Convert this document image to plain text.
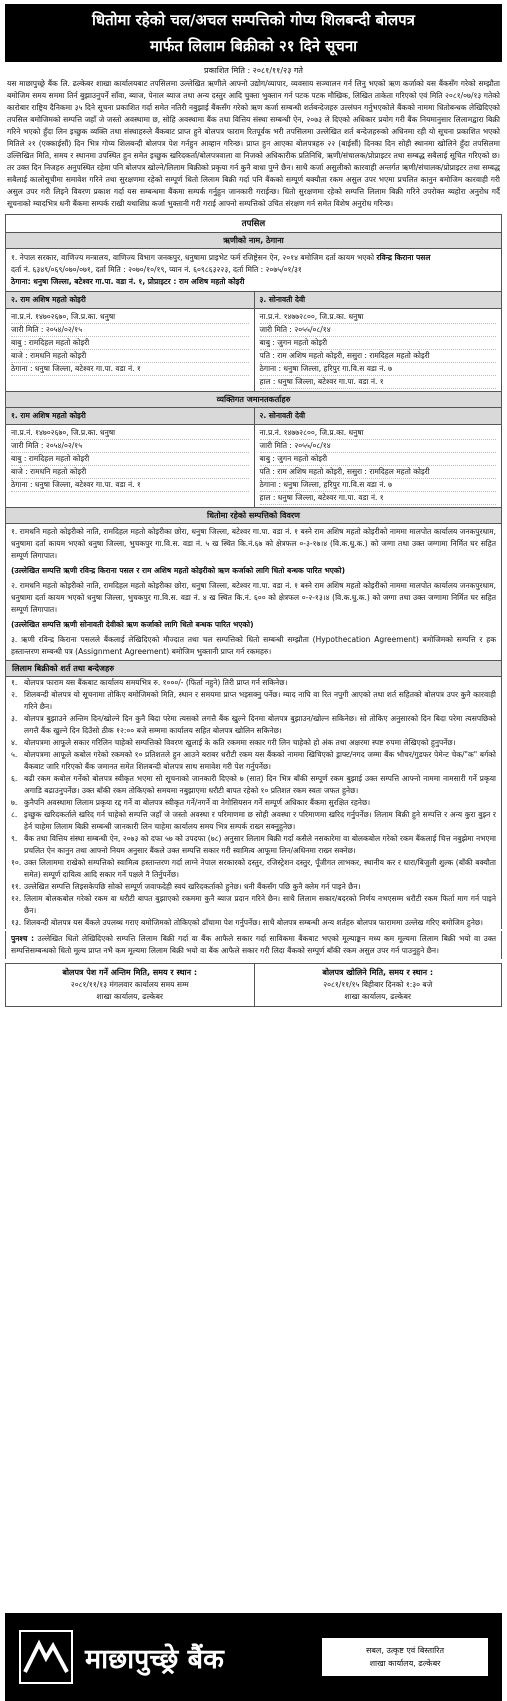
धितोमा रहेको चल/अचल सम्पत्तिको गोप्य शिलबन्दी बोलपत्र
मार्फत लिलाम बिक्रीको २१ दिने सूचना
प्रकाशित मिति : २०८१/११/२३ गते
यस माछापुच्छ्रे बैंक लि. ढल्केबर शाखा कार्यालयबाट तपसिलमा उल्लेखित ऋणीले आफ्नो उद्योग/व्यापार, व्यवसाय सञ्चालन गर्न लिनु भएको ऋण कर्जाको यस बैंकसँग गरेको सम्झौता बमोजिम समय सममा तिर्न बुझाउनुपर्ने साँवा, ब्याज, पेनाल ब्याज तथा अन्य दस्तुर आदि चुक्ता भुक्तान गर्न पटक पटक मौखिक, लिखित ताकेता गरिएको एवं मिति २०८१/०७/१३ गतेको कारोबार राष्ट्रिय दैनिकमा ३५ दिने सूचना प्रकाशित गर्दा समेत नतिरी नबुझाई बैंकसँग गरेको ऋण कर्जा सम्बन्धी शर्तबन्देजहरु उल्लंघन गर्नुभएकोले बैंकको नाममा धितोबन्धक लेखिदिएको तपसिल बमोजिमको सम्पत्ति जहाँ जे जस्तो अवस्थामा छ, सोहि अवस्थामा बैंक तथा वित्तिय संस्था सम्बन्धी ऐन, २०७३ ले दिएको अधिकार प्रयोग गरी बैंक नियमानुसार लिलामद्वारा बिक्री गरिने भएको हुँदा लिन इच्छुक व्यक्ति तथा संस्थाहरुले बैंकबाट प्राप्त हुने बोलपत्र फाराम रितपूर्वक भरी तपसिलमा उल्लेखित शर्त बन्देजहरुको अधिनमा रही यो सूचना प्रकाशित भएको मितिले २१ (एक्काईसौं) दिन भित्र गोप्य शिलबन्दी बोलपत्र पेश गर्नहुन आव्हान गरिन्छ। प्राप्त हुन आएका बोलपत्रहरु २२ (बाईसौं) दिनका दिन सोही स्थानमा खोलिने हुँदा तपसिलमा उल्लिखित मिति, समय र स्थानमा उपस्थित हुन समेत इच्छुक खरिदकर्ता/बोलपत्रवाला वा निजको अधिकारीक प्रतिनिधि, ऋणी/संचालक/प्रोप्राइटर तथा सम्बद्ध सबैलाई सूचित गरिएको छ। तर उक्त दिन निजहरु अनुपस्थित रहेमा पनि बोलपत्र खोल्ने/लिलाम बिक्रीको प्रकृया गर्न कुनै बाधा पुग्ने छैन। साथै कर्जा असुलीको कारवाही अन्तर्गत ऋणी/संचालक/प्रोप्राइटर तथा सम्बद्ध सबैलाई कालोसूचीमा समावेश गरिने तथा सुरक्षणमा रहेको सम्पूर्ण धितो लिलाम बिक्री गर्दा पनि बैंकको सम्पूर्ण बक्यौता रकम असुल उपर भएमा प्रचलित कानुन बमोजिम कारवाही गरी असुल उपर गरी लिइने विवरण प्रकाश गर्दा यस सम्बन्धमा बैंकमा सम्पर्क गर्नुहुन जानकारी गराईन्छ। धितो सुरक्षणमा रहेको सम्पत्ति लिलाम बिक्री गरिने उपरोक्त ब्यहोरा अनुरोध गर्दै सूचनाको म्यादभित्र धनी बैंकमा सम्पर्क राखी यथाशिघ्र कर्जा भुक्तानी गरी गराई आफ्नो सम्पत्तिको उचित संरक्षण गर्न समेत विशेष अनुरोध गरिन्छ।
तपसिल
ऋणीको नाम, ठेगाना
१. नेपाल सरकार, वाणिज्य मन्त्रालय, वाणिज्य विभाग जनकपुर, धनुषामा प्राइभेट फर्म रजिष्ट्रेसन ऐन, २०१४ बमोजिम दर्ता कायम भएको रविन्द्र किराना पसल
दर्ता नं. ६३४९/०६९/०७०/०७१, दर्ता मिति : २०७०/१०/१९, प्यान नं. ६०९८६३२२३, दर्ता मिति : २०७५/०१/३१
ठेगाना: धनुषा जिल्ला, बटेश्वर गा.पा. वडा नं. १, प्रोप्राइटर : राम अशिष महतो कोइरी
२. राम अशिष महतो कोइरी
ना.प्र.नं. १४७०२६७०, जि.प्र.का. धनुषा
जारी मिति : २०५४/०२/१५
बाबु : रामदिहल महतो कोइरी
बाजे : रामधनि महतो कोइरी
ठेगाना : धनुषा जिल्ला, बटेश्वर गा.पा. वडा नं. १
३. सोनावती देवी
ना.प्र.नं. १४७७२८००, जि.प्र.का. धनुषा
जारी मिति : २०५५/०८/१४
बाबु : जुगन महतो कोइरी
पति : राम अशिष महतो कोइरी, ससुरा : रामदिहल महतो कोइरी
ठेगाना : धनुषा जिल्ला, हरिपुर गा.वि.स वडा नं. ७
हाल : धनुषा जिल्ला, बटेश्वर गा.पा. वडा नं. १
व्यक्तिगत जमानतकर्ताहरु
१. राम अशिष महतो कोइरी
ना.प्र.नं. १४७०२६७०, जि.प्र.का. धनुषा
जारी मिति : २०५४/०२/१५
बाबु : रामदिहल महतो कोइरी
बाजे : रामधनि महतो कोइरी
ठेगाना : धनुषा जिल्ला, बटेश्वर गा.पा. वडा नं. १
२. सोनावती देवी
ना.प्र.नं. १४७७२८००, जि.प्र.का. धनुषा
जारी मिति : २०५५/०८/१४
बाबु : जुगन महतो कोइरी
पति : राम अशिष महतो कोइरी, ससुरा : रामदिहल महतो कोइरी
ठेगाना : धनुषा जिल्ला, हरिपुर गा.वि.स वडा नं. ७
हाल : धनुषा जिल्ला, बटेश्वर गा.पा. वडा नं. १
धितोमा रहेको सम्पत्तिको विवरण
१. रामधनि महतो कोइरीको नाति, रामदिहल महतो कोइरीका छोरा, धनुषा जिल्ला, बटेश्वर गा.पा. वडा नं. १ बस्ने राम अशिष महतो कोइरीको नाममा मालपोत कार्यालय जनकपुरधाम, धनुषामा दर्ता कायम भएको धनुषा जिल्ला, भुचकपुर गा.वि.स. वडा नं. ५ ख स्थित कि.नं.६७ को क्षेत्रफल ०-३-१७।४ (वि.क.धु.क.) को जग्गा तथा उक्त जग्गामा निर्मित घर सहित सम्पूर्ण लिगापात।
(उल्लेखित सम्पत्ति ऋणी रविन्द्र किराना पसल र राम अशिष महतो कोइरीको ऋण कर्जाको लागि धितो बन्धक पारित भएको)
२. रामधनि महतो कोइरीको नाति, रामदिहल महतो कोइरीका छोरा, धनुषा जिल्ला, बटेश्वर गा.पा. वडा नं. १ बस्ने राम अशिष महतो कोइरीको नाममा मालपोत कार्यालय जनकपुरधाम, धनुषामा दर्ता कायम भएको धनुषा जिल्ला, भुचकपुर गा.वि.स. वडा नं. ४ ख स्थित कि.नं. ६०० को क्षेत्रफल ०-२-१३।४ (वि.क.धु.क.) को जग्गा तथा उक्त जग्गामा निर्मित घर सहित सम्पूर्ण लिगापात।
(उल्लेखित सम्पत्ति ऋणी सोनावती देवीको ऋण कर्जाको लागि धितो बन्धक पारित भएको)
३. ऋणी रविन्द्र किराना पसलले बैंकलाई लेखिदिएको मौज्दात तथा चल सम्पत्तिको धितो सम्बन्धी सम्झौता (Hypothecation Agreement) बमोजिमको सम्पत्ति र हक हस्तान्तरण सम्बन्धी पत्र (Assignment Agreement) बमोजिम भुक्तानी प्राप्त गर्न रकमहरु।
लिलाम बिक्रीको शर्त तथा बन्देजहरु
१. बोलपत्र फाराम यस बैंकबाट कार्यालय समयभित्र रु. १०००/- (फिर्ता नहुने) तिरी प्राप्त गर्न सकिनेछ।
२. शिलबन्दी बोलपत्र यो सूचनामा तोकिए बमोजिमको मिति, स्थान र समयमा प्राप्त भइसक्नु पर्नेछ। म्याद नाघि वा रित नपुगी आएको तथा शर्त सहितको बोलपत्र उपर कुनै कारवाही गरिने छैन।
३. बोलपत्र बुझाउने अन्तिम दिन/खोल्ने दिन कुनै बिदा परेमा त्यसको लगत्तै बैंक खुल्ने दिनमा बोलपत्र बुझाउन/खोल्न सकिनेछ। सो तोकिए अनुसारको दिन बिदा परेमा त्यसपछिको लगत्तै बैंक खुल्ने दिन दिउँसो ठीक १२:०० बजे सम्ममा कार्यालय सहित बोलपत्र खोलिन सकिनेछ।
४. बोलपत्रमा आफूले सकार गरिलिन चाहेको सम्पत्तिको विवरण खुलाई के कति रकममा सकार गरी लिन चाहेको हो अंक तथा अक्षरमा स्पष्ट रुपमा लेखिएको हुनुपर्नेछ।
५. बोलपत्रमा आफूले कबोल गरेको रकमको १० प्रतिशतले हुन आउने बराबर धरौटी रकम यस बैंकको नाममा खिचिएको ड्राफ्ट/नगद जम्मा बैंक भौचर/गुडफर पेमेन्ट चेक/"क" बर्गको बैंकबाट जारि गरिएको बैंक जमानत समेत शिलबन्दी बोलपत्र साथ समावेश गरी पेश गर्नुपर्नेछ।
६. बढी रकम कबोल गर्नेको बोलपत्र स्वीकृत भएमा सो सूचनाको जानकारी दिएको ७ (सात) दिन भित्र बाँकी सम्पूर्ण रकम बुझाई उक्त सम्पत्ति आफ्नो नाममा नामसारी गर्ने प्रकृया अगाडि बढाउनुपर्नेछ। उक्त बाँकी रकम तोकिएको समयमा नबुझाएमा धरौटी बापत रहेको १० प्रतिशत रकम स्वतः जफत हुनेछ।
७. कुनैपनि अवस्थामा लिलाम प्रकृया रद्द गर्ने वा बोलपत्र स्वीकृत गर्ने/नगर्ने वा नेगोसियसन गर्ने सम्पूर्ण अधिकार बैंकमा सुरक्षित रहनेछ।
८. इच्छुक खरिदकर्ताले खरिद गर्न चाहेको सम्पत्ति जहाँ जे जस्तो अवस्था र परिमाणमा छ सोही अवस्था र परिमाणमा खरिद गर्नुपर्नेछ। लिलाम बिक्री हुने सम्पत्ति र अन्य कुरा बुझ्न र हेर्न चाहेमा लिलाम बिक्री सम्बन्धी जानकारी लिन चाहेमा कार्यालय समय भित्र सम्पर्क राख्न सक्नुहुनेछ।
९. बैंक तथा वित्तिय संस्था सम्बन्धी ऐन, २०७३ को दफा ५७ को उपदफा (७८) अनुसार लिलाम बिक्री गर्दा कसैले नसकारेमा वा बोलकबोल गरेको रकम बैंकलाई चित्त नबुझेमा नभएमा प्रचलित ऐन कानुन तथा आफ्नो नियम अनुसार बैंकले उक्त सम्पत्ति सकार गरी स्वामित्व आफूमा लिन/अधिनमा राख्न सक्नेछ।
१०. उक्त लिलाममा राखेको सम्पत्तिको स्वामित्व हस्तान्तरण गर्दा लाग्ने नेपाल सरकारको दस्तुर, रजिस्ट्रेशन दस्तुर, पूँजीगत लाभकर, स्थानीय कर र धारा/बिजुली शुल्क (बाँकी बक्यौता समेत) सम्पूर्ण दायित्व आदि सकार गर्ने पक्षले नै तिर्नुपर्नेछ।
११. उल्लेखित सम्पत्ति लिइसकेपछि सोको सम्पूर्ण जवाफदेही स्वयं खरिदकर्ताको हुनेछ। धनी बैंकसँग पछि कुनै क्लेम गर्न पाइने छैन।
१२. लिलाम बोलकबोल गरेको रकम वा धरौटी बापत बुझाएको रकममा कुनै ब्याज प्रदान गरिने छैन। साथै लिलाम सकार/बदरको निर्णय नभएसम्म धरौटी रकम फिर्ता माग गर्न पाइने छैन।
१३. शिलबन्दी बोलपत्र यस बैंकले उपलब्ध गराए बमोजिमको तोकिएको ढाँचामा पेश गर्नुपर्नेछ। साथै बोलपत्र सम्बन्धी अन्य शर्तहरु बोलपत्र फाराममा उल्लेख गरिए बमोजिम हुनेछ।
पुनश्च : उल्लेखित धितो लेखिदिएको सम्पत्ति लिलाम बिक्री गर्दा वा बैंक आफैले सकार गर्दा साविकमा बैंकबाट भएको मूल्याङ्कन मध्य कम मूल्यमा लिलाम बिक्री भयो वा उक्त सम्पत्तिसम्बन्धको धितो मूल्य प्राप्त नभै कम मूल्यमा लिलाम बिक्री भयो वा बैंक आफैले सकार गरी लिदा बैंकको सम्पूर्ण बाँकी रकम असुल उपर गर्न पाउनुहुने छैन।
बोलपत्र पेश गर्ने अन्तिम मिति, समय र स्थान :
२०८१/११/१३ मंगलवार कार्यालय समय सम्म
शाखा कार्यालय, ढल्केबर
बोलपत्र खोलिने मिति, समय र स्थान :
२०८१/११/१५ बिहीबार दिनको १:३० बजे
शाखा कार्यालय, ढल्केबर
माछापुच्छ्रे बैंक	सबल, उत्कृष्ट एवं बिस्तारित
शाखा कार्यालय, ढल्केबर
